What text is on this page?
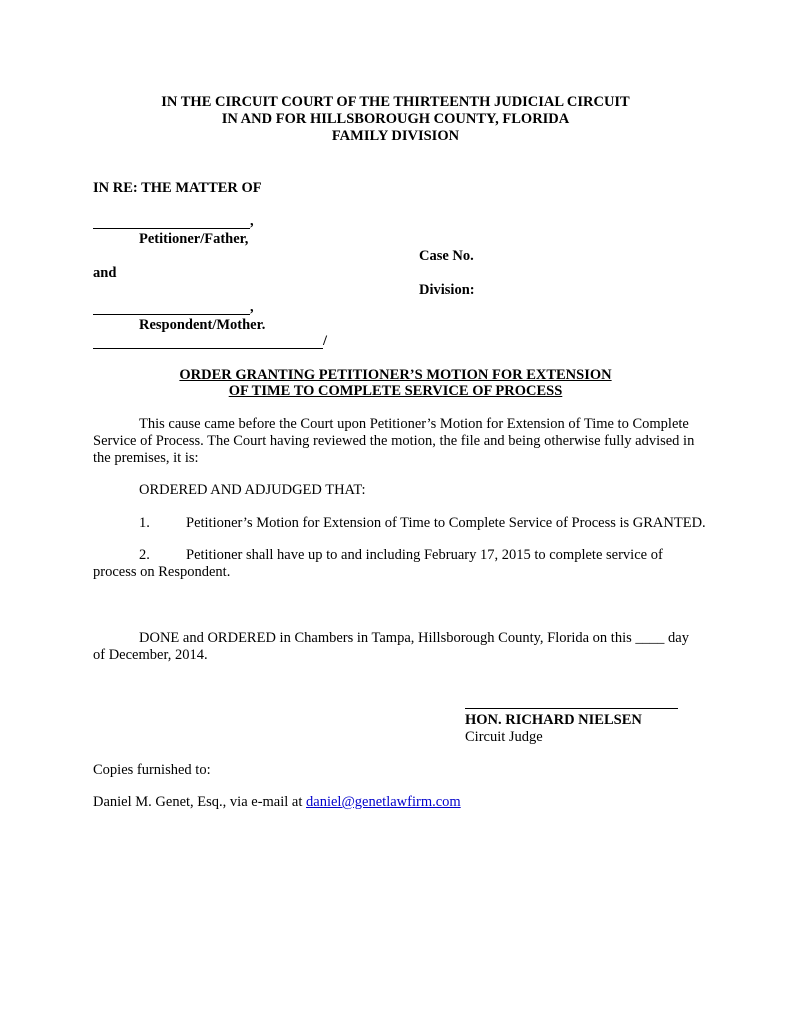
IN THE CIRCUIT COURT OF THE THIRTEENTH JUDICIAL CIRCUIT
IN AND FOR HILLSBOROUGH COUNTY, FLORIDA
FAMILY DIVISION
IN RE: THE MATTER OF
,
Petitioner/Father,
Case No.
and
Division:
,
Respondent/Mother.
/
ORDER GRANTING PETITIONER’S MOTION FOR EXTENSION
OF TIME TO COMPLETE SERVICE OF PROCESS
This cause came before the Court upon Petitioner’s Motion for Extension of Time to Complete Service of Process. The Court having reviewed the motion, the file and being otherwise fully advised in the premises, it is:
ORDERED AND ADJUDGED THAT:
1. Petitioner’s Motion for Extension of Time to Complete Service of Process is GRANTED.
2. Petitioner shall have up to and including February 17, 2015 to complete service of process on Respondent.
DONE and ORDERED in Chambers in Tampa, Hillsborough County, Florida on this ____ day of December, 2014.
HON. RICHARD NIELSEN
Circuit Judge
Copies furnished to:
Daniel M. Genet, Esq., via e-mail at daniel@genetlawfirm.com
